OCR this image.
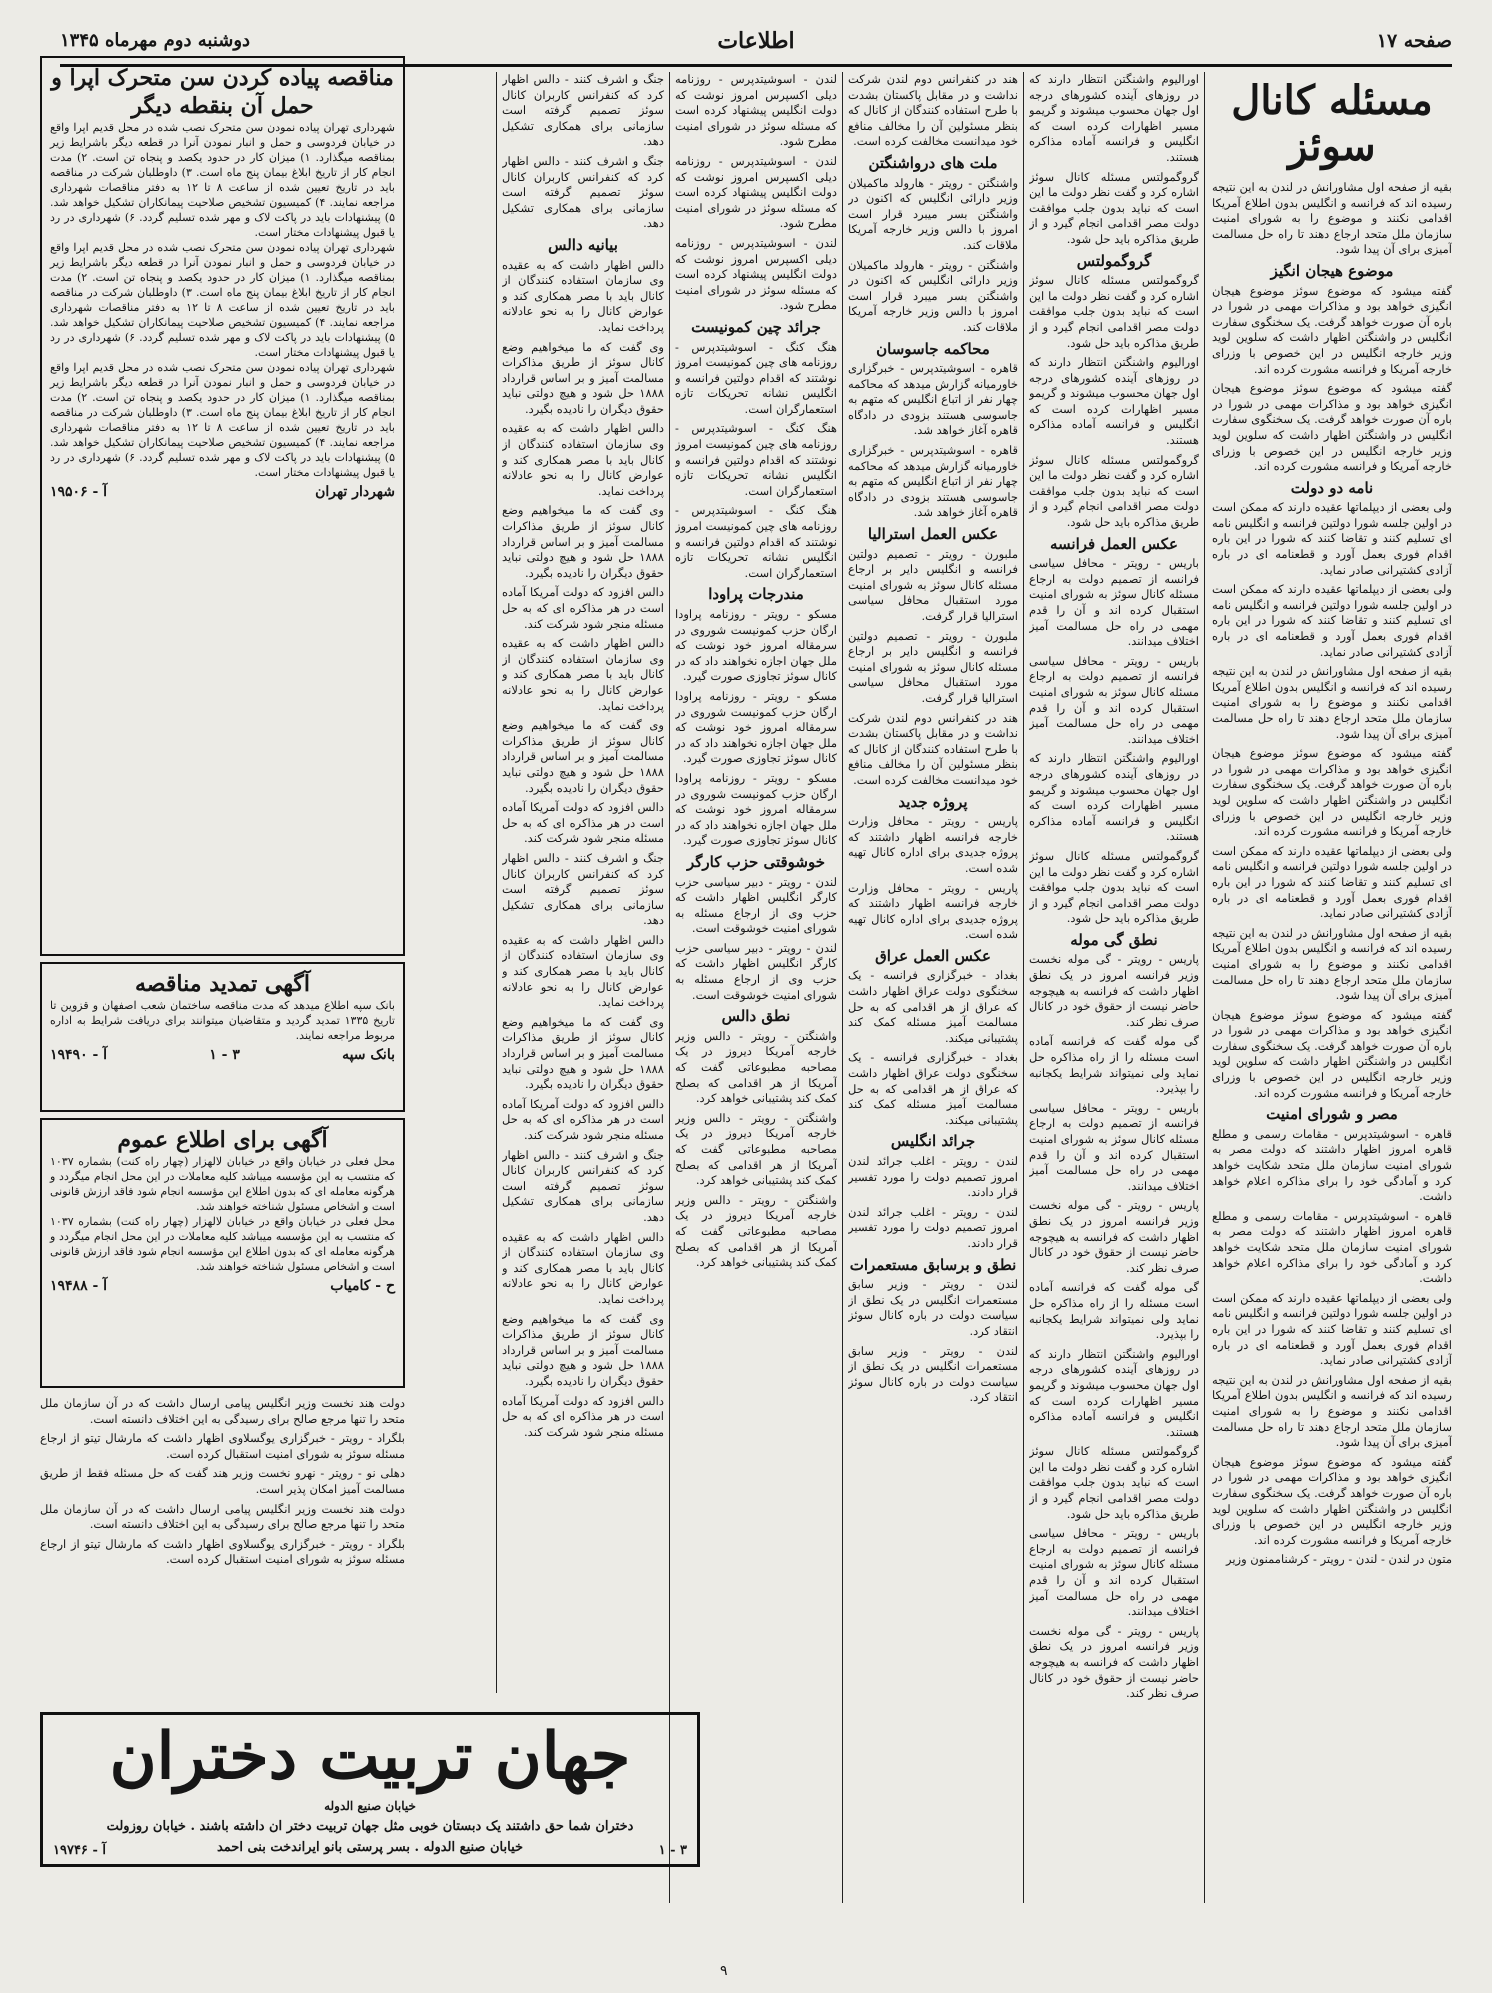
صفحه ۱۷
اطلاعات
دوشنبه دوم مهرماه ۱۳۴۵
مسئله کانال سوئز

بقیه از صفحه اول مشاورانش در لندن به این نتیجه رسیده اند که فرانسه و انگلیس بدون اطلاع آمریکا اقدامی نکنند و موضوع را به شورای امنیت سازمان ملل متحد ارجاع دهند تا راه حل مسالمت آمیزی برای آن پیدا شود.

موضوع هیجان انگیز

گفته میشود که موضوع سوئز موضوع هیجان انگیزی خواهد بود و مذاکرات مهمی در شورا در باره آن صورت خواهد گرفت. یک سخنگوی سفارت انگلیس در واشنگتن اظهار داشت که سلوین لوید وزیر خارجه انگلیس در این خصوص با وزرای خارجه آمریکا و فرانسه مشورت کرده اند.

گفته میشود که موضوع سوئز موضوع هیجان انگیزی خواهد بود و مذاکرات مهمی در شورا در باره آن صورت خواهد گرفت. یک سخنگوی سفارت انگلیس در واشنگتن اظهار داشت که سلوین لوید وزیر خارجه انگلیس در این خصوص با وزرای خارجه آمریکا و فرانسه مشورت کرده اند.

نامه دو دولت

ولی بعضی از دیپلماتها عقیده دارند که ممکن است در اولین جلسه شورا دولتین فرانسه و انگلیس نامه ای تسلیم کنند و تقاضا کنند که شورا در این باره اقدام فوری بعمل آورد و قطعنامه ای در باره آزادی کشتیرانی صادر نماید.

ولی بعضی از دیپلماتها عقیده دارند که ممکن است در اولین جلسه شورا دولتین فرانسه و انگلیس نامه ای تسلیم کنند و تقاضا کنند که شورا در این باره اقدام فوری بعمل آورد و قطعنامه ای در باره آزادی کشتیرانی صادر نماید.

بقیه از صفحه اول مشاورانش در لندن به این نتیجه رسیده اند که فرانسه و انگلیس بدون اطلاع آمریکا اقدامی نکنند و موضوع را به شورای امنیت سازمان ملل متحد ارجاع دهند تا راه حل مسالمت آمیزی برای آن پیدا شود.

گفته میشود که موضوع سوئز موضوع هیجان انگیزی خواهد بود و مذاکرات مهمی در شورا در باره آن صورت خواهد گرفت. یک سخنگوی سفارت انگلیس در واشنگتن اظهار داشت که سلوین لوید وزیر خارجه انگلیس در این خصوص با وزرای خارجه آمریکا و فرانسه مشورت کرده اند.

ولی بعضی از دیپلماتها عقیده دارند که ممکن است در اولین جلسه شورا دولتین فرانسه و انگلیس نامه ای تسلیم کنند و تقاضا کنند که شورا در این باره اقدام فوری بعمل آورد و قطعنامه ای در باره آزادی کشتیرانی صادر نماید.

بقیه از صفحه اول مشاورانش در لندن به این نتیجه رسیده اند که فرانسه و انگلیس بدون اطلاع آمریکا اقدامی نکنند و موضوع را به شورای امنیت سازمان ملل متحد ارجاع دهند تا راه حل مسالمت آمیزی برای آن پیدا شود.

گفته میشود که موضوع سوئز موضوع هیجان انگیزی خواهد بود و مذاکرات مهمی در شورا در باره آن صورت خواهد گرفت. یک سخنگوی سفارت انگلیس در واشنگتن اظهار داشت که سلوین لوید وزیر خارجه انگلیس در این خصوص با وزرای خارجه آمریکا و فرانسه مشورت کرده اند.

مصر و شورای امنیت

قاهره - اسوشیتدپرس - مقامات رسمی و مطلع قاهره امروز اظهار داشتند که دولت مصر به شورای امنیت سازمان ملل متحد شکایت خواهد کرد و آمادگی خود را برای مذاکره اعلام خواهد داشت.

قاهره - اسوشیتدپرس - مقامات رسمی و مطلع قاهره امروز اظهار داشتند که دولت مصر به شورای امنیت سازمان ملل متحد شکایت خواهد کرد و آمادگی خود را برای مذاکره اعلام خواهد داشت.

ولی بعضی از دیپلماتها عقیده دارند که ممکن است در اولین جلسه شورا دولتین فرانسه و انگلیس نامه ای تسلیم کنند و تقاضا کنند که شورا در این باره اقدام فوری بعمل آورد و قطعنامه ای در باره آزادی کشتیرانی صادر نماید.

بقیه از صفحه اول مشاورانش در لندن به این نتیجه رسیده اند که فرانسه و انگلیس بدون اطلاع آمریکا اقدامی نکنند و موضوع را به شورای امنیت سازمان ملل متحد ارجاع دهند تا راه حل مسالمت آمیزی برای آن پیدا شود.

گفته میشود که موضوع سوئز موضوع هیجان انگیزی خواهد بود و مذاکرات مهمی در شورا در باره آن صورت خواهد گرفت. یک سخنگوی سفارت انگلیس در واشنگتن اظهار داشت که سلوین لوید وزیر خارجه انگلیس در این خصوص با وزرای خارجه آمریکا و فرانسه مشورت کرده اند.

متون در لندن - لندن - رویتر - کرشناممنون وزیر

اورالیوم واشنگتن انتظار دارند که در روزهای آینده کشورهای درجه اول جهان محسوب میشوند و گریمو مسیر اظهارات کرده است که انگلیس و فرانسه آماده مذاکره هستند.

گروگمولتس مسئله کانال سوئز اشاره کرد و گفت نظر دولت ما این است که نباید بدون جلب موافقت دولت مصر اقدامی انجام گیرد و از طریق مذاکره باید حل شود.

گروگمولتس

گروگمولتس مسئله کانال سوئز اشاره کرد و گفت نظر دولت ما این است که نباید بدون جلب موافقت دولت مصر اقدامی انجام گیرد و از طریق مذاکره باید حل شود.

اورالیوم واشنگتن انتظار دارند که در روزهای آینده کشورهای درجه اول جهان محسوب میشوند و گریمو مسیر اظهارات کرده است که انگلیس و فرانسه آماده مذاکره هستند.

گروگمولتس مسئله کانال سوئز اشاره کرد و گفت نظر دولت ما این است که نباید بدون جلب موافقت دولت مصر اقدامی انجام گیرد و از طریق مذاکره باید حل شود.

عکس العمل فرانسه

باریس - رویتر - محافل سیاسی فرانسه از تصمیم دولت به ارجاع مسئله کانال سوئز به شورای امنیت استقبال کرده اند و آن را قدم مهمی در راه حل مسالمت آمیز اختلاف میدانند.

باریس - رویتر - محافل سیاسی فرانسه از تصمیم دولت به ارجاع مسئله کانال سوئز به شورای امنیت استقبال کرده اند و آن را قدم مهمی در راه حل مسالمت آمیز اختلاف میدانند.

اورالیوم واشنگتن انتظار دارند که در روزهای آینده کشورهای درجه اول جهان محسوب میشوند و گریمو مسیر اظهارات کرده است که انگلیس و فرانسه آماده مذاکره هستند.

گروگمولتس مسئله کانال سوئز اشاره کرد و گفت نظر دولت ما این است که نباید بدون جلب موافقت دولت مصر اقدامی انجام گیرد و از طریق مذاکره باید حل شود.

نطق گی موله

پاریس - رویتر - گی موله نخست وزیر فرانسه امروز در یک نطق اظهار داشت که فرانسه به هیچوجه حاضر نیست از حقوق خود در کانال صرف نظر کند.

گی موله گفت که فرانسه آماده است مسئله را از راه مذاکره حل نماید ولی نمیتواند شرایط یکجانبه را بپذیرد.

باریس - رویتر - محافل سیاسی فرانسه از تصمیم دولت به ارجاع مسئله کانال سوئز به شورای امنیت استقبال کرده اند و آن را قدم مهمی در راه حل مسالمت آمیز اختلاف میدانند.

پاریس - رویتر - گی موله نخست وزیر فرانسه امروز در یک نطق اظهار داشت که فرانسه به هیچوجه حاضر نیست از حقوق خود در کانال صرف نظر کند.

گی موله گفت که فرانسه آماده است مسئله را از راه مذاکره حل نماید ولی نمیتواند شرایط یکجانبه را بپذیرد.

اورالیوم واشنگتن انتظار دارند که در روزهای آینده کشورهای درجه اول جهان محسوب میشوند و گریمو مسیر اظهارات کرده است که انگلیس و فرانسه آماده مذاکره هستند.

گروگمولتس مسئله کانال سوئز اشاره کرد و گفت نظر دولت ما این است که نباید بدون جلب موافقت دولت مصر اقدامی انجام گیرد و از طریق مذاکره باید حل شود.

باریس - رویتر - محافل سیاسی فرانسه از تصمیم دولت به ارجاع مسئله کانال سوئز به شورای امنیت استقبال کرده اند و آن را قدم مهمی در راه حل مسالمت آمیز اختلاف میدانند.

پاریس - رویتر - گی موله نخست وزیر فرانسه امروز در یک نطق اظهار داشت که فرانسه به هیچوجه حاضر نیست از حقوق خود در کانال صرف نظر کند.

هند در کنفرانس دوم لندن شرکت نداشت و در مقابل پاکستان بشدت با طرح استفاده کنندگان از کانال که بنظر مسئولین آن را مخالف منافع خود میدانست مخالفت کرده است.

ملت های درواشنگتن

واشنگتن - رویتر - هارولد ماکمیلان وزیر دارائی انگلیس که اکنون در واشنگتن بسر میبرد قرار است امروز با دالس وزیر خارجه آمریکا ملاقات کند.

واشنگتن - رویتر - هارولد ماکمیلان وزیر دارائی انگلیس که اکنون در واشنگتن بسر میبرد قرار است امروز با دالس وزیر خارجه آمریکا ملاقات کند.

محاکمه جاسوسان

قاهره - اسوشیتدپرس - خبرگزاری خاورمیانه گزارش میدهد که محاکمه چهار نفر از اتباع انگلیس که متهم به جاسوسی هستند بزودی در دادگاه قاهره آغاز خواهد شد.

قاهره - اسوشیتدپرس - خبرگزاری خاورمیانه گزارش میدهد که محاکمه چهار نفر از اتباع انگلیس که متهم به جاسوسی هستند بزودی در دادگاه قاهره آغاز خواهد شد.

عکس العمل استرالیا

ملبورن - رویتر - تصمیم دولتین فرانسه و انگلیس دایر بر ارجاع مسئله کانال سوئز به شورای امنیت مورد استقبال محافل سیاسی استرالیا قرار گرفت.

ملبورن - رویتر - تصمیم دولتین فرانسه و انگلیس دایر بر ارجاع مسئله کانال سوئز به شورای امنیت مورد استقبال محافل سیاسی استرالیا قرار گرفت.

هند در کنفرانس دوم لندن شرکت نداشت و در مقابل پاکستان بشدت با طرح استفاده کنندگان از کانال که بنظر مسئولین آن را مخالف منافع خود میدانست مخالفت کرده است.

پروژه جدید

پاریس - رویتر - محافل وزارت خارجه فرانسه اظهار داشتند که پروژه جدیدی برای اداره کانال تهیه شده است.

پاریس - رویتر - محافل وزارت خارجه فرانسه اظهار داشتند که پروژه جدیدی برای اداره کانال تهیه شده است.

عکس العمل عراق

بغداد - خبرگزاری فرانسه - یک سخنگوی دولت عراق اظهار داشت که عراق از هر اقدامی که به حل مسالمت آمیز مسئله کمک کند پشتیبانی میکند.

بغداد - خبرگزاری فرانسه - یک سخنگوی دولت عراق اظهار داشت که عراق از هر اقدامی که به حل مسالمت آمیز مسئله کمک کند پشتیبانی میکند.

جرائد انگلیس

لندن - رویتر - اغلب جرائد لندن امروز تصمیم دولت را مورد تفسیر قرار دادند.

لندن - رویتر - اغلب جرائد لندن امروز تصمیم دولت را مورد تفسیر قرار دادند.

نطق و برسابق مستعمرات

لندن - رویتر - وزیر سابق مستعمرات انگلیس در یک نطق از سیاست دولت در باره کانال سوئز انتقاد کرد.

لندن - رویتر - وزیر سابق مستعمرات انگلیس در یک نطق از سیاست دولت در باره کانال سوئز انتقاد کرد.

لندن - اسوشیتدپرس - روزنامه دیلی اکسپرس امروز نوشت که دولت انگلیس پیشنهاد کرده است که مسئله سوئز در شورای امنیت مطرح شود.

لندن - اسوشیتدپرس - روزنامه دیلی اکسپرس امروز نوشت که دولت انگلیس پیشنهاد کرده است که مسئله سوئز در شورای امنیت مطرح شود.

لندن - اسوشیتدپرس - روزنامه دیلی اکسپرس امروز نوشت که دولت انگلیس پیشنهاد کرده است که مسئله سوئز در شورای امنیت مطرح شود.

جرائد چین کمونیست

هنگ کنگ - اسوشیتدپرس - روزنامه های چین کمونیست امروز نوشتند که اقدام دولتین فرانسه و انگلیس نشانه تحریکات تازه استعمارگران است.

هنگ کنگ - اسوشیتدپرس - روزنامه های چین کمونیست امروز نوشتند که اقدام دولتین فرانسه و انگلیس نشانه تحریکات تازه استعمارگران است.

هنگ کنگ - اسوشیتدپرس - روزنامه های چین کمونیست امروز نوشتند که اقدام دولتین فرانسه و انگلیس نشانه تحریکات تازه استعمارگران است.

مندرجات پراودا

مسکو - رویتر - روزنامه پراودا ارگان حزب کمونیست شوروی در سرمقاله امروز خود نوشت که ملل جهان اجازه نخواهند داد که در کانال سوئز تجاوزی صورت گیرد.

مسکو - رویتر - روزنامه پراودا ارگان حزب کمونیست شوروی در سرمقاله امروز خود نوشت که ملل جهان اجازه نخواهند داد که در کانال سوئز تجاوزی صورت گیرد.

مسکو - رویتر - روزنامه پراودا ارگان حزب کمونیست شوروی در سرمقاله امروز خود نوشت که ملل جهان اجازه نخواهند داد که در کانال سوئز تجاوزی صورت گیرد.

خوشوقتی حزب کارگر

لندن - رویتر - دبیر سیاسی حزب کارگر انگلیس اظهار داشت که حزب وی از ارجاع مسئله به شورای امنیت خوشوقت است.

لندن - رویتر - دبیر سیاسی حزب کارگر انگلیس اظهار داشت که حزب وی از ارجاع مسئله به شورای امنیت خوشوقت است.

نطق دالس

واشنگتن - رویتر - دالس وزیر خارجه آمریکا دیروز در یک مصاحبه مطبوعاتی گفت که آمریکا از هر اقدامی که بصلح کمک کند پشتیبانی خواهد کرد.

واشنگتن - رویتر - دالس وزیر خارجه آمریکا دیروز در یک مصاحبه مطبوعاتی گفت که آمریکا از هر اقدامی که بصلح کمک کند پشتیبانی خواهد کرد.

واشنگتن - رویتر - دالس وزیر خارجه آمریکا دیروز در یک مصاحبه مطبوعاتی گفت که آمریکا از هر اقدامی که بصلح کمک کند پشتیبانی خواهد کرد.

جنگ و اشرف کنند - دالس اظهار کرد که کنفرانس کاربران کانال سوئز تصمیم گرفته است سازمانی برای همکاری تشکیل دهد.

جنگ و اشرف کنند - دالس اظهار کرد که کنفرانس کاربران کانال سوئز تصمیم گرفته است سازمانی برای همکاری تشکیل دهد.

بیانیه دالس

دالس اظهار داشت که به عقیده وی سازمان استفاده کنندگان از کانال باید با مصر همکاری کند و عوارض کانال را به نحو عادلانه پرداخت نماید.

وی گفت که ما میخواهیم وضع کانال سوئز از طریق مذاکرات مسالمت آمیز و بر اساس قرارداد ۱۸۸۸ حل شود و هیچ دولتی نباید حقوق دیگران را نادیده بگیرد.

دالس اظهار داشت که به عقیده وی سازمان استفاده کنندگان از کانال باید با مصر همکاری کند و عوارض کانال را به نحو عادلانه پرداخت نماید.

وی گفت که ما میخواهیم وضع کانال سوئز از طریق مذاکرات مسالمت آمیز و بر اساس قرارداد ۱۸۸۸ حل شود و هیچ دولتی نباید حقوق دیگران را نادیده بگیرد.

دالس افزود که دولت آمریکا آماده است در هر مذاکره ای که به حل مسئله منجر شود شرکت کند.

دالس اظهار داشت که به عقیده وی سازمان استفاده کنندگان از کانال باید با مصر همکاری کند و عوارض کانال را به نحو عادلانه پرداخت نماید.

وی گفت که ما میخواهیم وضع کانال سوئز از طریق مذاکرات مسالمت آمیز و بر اساس قرارداد ۱۸۸۸ حل شود و هیچ دولتی نباید حقوق دیگران را نادیده بگیرد.

دالس افزود که دولت آمریکا آماده است در هر مذاکره ای که به حل مسئله منجر شود شرکت کند.

جنگ و اشرف کنند - دالس اظهار کرد که کنفرانس کاربران کانال سوئز تصمیم گرفته است سازمانی برای همکاری تشکیل دهد.

دالس اظهار داشت که به عقیده وی سازمان استفاده کنندگان از کانال باید با مصر همکاری کند و عوارض کانال را به نحو عادلانه پرداخت نماید.

وی گفت که ما میخواهیم وضع کانال سوئز از طریق مذاکرات مسالمت آمیز و بر اساس قرارداد ۱۸۸۸ حل شود و هیچ دولتی نباید حقوق دیگران را نادیده بگیرد.

دالس افزود که دولت آمریکا آماده است در هر مذاکره ای که به حل مسئله منجر شود شرکت کند.

جنگ و اشرف کنند - دالس اظهار کرد که کنفرانس کاربران کانال سوئز تصمیم گرفته است سازمانی برای همکاری تشکیل دهد.

دالس اظهار داشت که به عقیده وی سازمان استفاده کنندگان از کانال باید با مصر همکاری کند و عوارض کانال را به نحو عادلانه پرداخت نماید.

وی گفت که ما میخواهیم وضع کانال سوئز از طریق مذاکرات مسالمت آمیز و بر اساس قرارداد ۱۸۸۸ حل شود و هیچ دولتی نباید حقوق دیگران را نادیده بگیرد.

دالس افزود که دولت آمریکا آماده است در هر مذاکره ای که به حل مسئله منجر شود شرکت کند.

مناقصه پیاده کردن سن متحرک اپرا و حمل آن بنقطه دیگر
شهرداری تهران پیاده نمودن سن متحرک نصب شده در محل قدیم اپرا واقع در خیابان فردوسی و حمل و انبار نمودن آنرا در قطعه دیگر باشرایط زیر بمناقصه میگذارد. ۱) میزان کار در حدود یکصد و پنجاه تن است. ۲) مدت انجام کار از تاریخ ابلاغ بیمان پنج ماه است. ۳) داوطلبان شرکت در مناقصه باید در تاریخ تعیین شده از ساعت ۸ تا ۱۲ به دفتر مناقصات شهرداری مراجعه نمایند. ۴) کمیسیون تشخیص صلاحیت پیمانکاران تشکیل خواهد شد. ۵) پیشنهادات باید در پاکت لاک و مهر شده تسلیم گردد. ۶) شهرداری در رد یا قبول پیشنهادات مختار است.
شهرداری تهران پیاده نمودن سن متحرک نصب شده در محل قدیم اپرا واقع در خیابان فردوسی و حمل و انبار نمودن آنرا در قطعه دیگر باشرایط زیر بمناقصه میگذارد. ۱) میزان کار در حدود یکصد و پنجاه تن است. ۲) مدت انجام کار از تاریخ ابلاغ بیمان پنج ماه است. ۳) داوطلبان شرکت در مناقصه باید در تاریخ تعیین شده از ساعت ۸ تا ۱۲ به دفتر مناقصات شهرداری مراجعه نمایند. ۴) کمیسیون تشخیص صلاحیت پیمانکاران تشکیل خواهد شد. ۵) پیشنهادات باید در پاکت لاک و مهر شده تسلیم گردد. ۶) شهرداری در رد یا قبول پیشنهادات مختار است.
شهرداری تهران پیاده نمودن سن متحرک نصب شده در محل قدیم اپرا واقع در خیابان فردوسی و حمل و انبار نمودن آنرا در قطعه دیگر باشرایط زیر بمناقصه میگذارد. ۱) میزان کار در حدود یکصد و پنجاه تن است. ۲) مدت انجام کار از تاریخ ابلاغ بیمان پنج ماه است. ۳) داوطلبان شرکت در مناقصه باید در تاریخ تعیین شده از ساعت ۸ تا ۱۲ به دفتر مناقصات شهرداری مراجعه نمایند. ۴) کمیسیون تشخیص صلاحیت پیمانکاران تشکیل خواهد شد. ۵) پیشنهادات باید در پاکت لاک و مهر شده تسلیم گردد. ۶) شهرداری در رد یا قبول پیشنهادات مختار است.
شهردار تهران
آ - ۱۹۵۰۶
آگهی تمدید مناقصه
بانک سپه اطلاع میدهد که مدت مناقصه ساختمان شعب اصفهان و قزوین تا تاریخ ۱۳۳۵ تمدید گردید و متقاضیان میتوانند برای دریافت شرایط به اداره مربوط مراجعه نمایند.
بانک سپه
۳ - ۱
آ - ۱۹۴۹۰
آگهی برای اطلاع عموم
محل فعلی در خیابان واقع در خیابان لالهزار (چهار راه کنت) بشماره ۱۰۳۷ که منتسب به این مؤسسه میباشد کلیه معاملات در این محل انجام میگردد و هرگونه معامله ای که بدون اطلاع این مؤسسه انجام شود فاقد ارزش قانونی است و اشخاص مسئول شناخته خواهند شد.
محل فعلی در خیابان واقع در خیابان لالهزار (چهار راه کنت) بشماره ۱۰۳۷ که منتسب به این مؤسسه میباشد کلیه معاملات در این محل انجام میگردد و هرگونه معامله ای که بدون اطلاع این مؤسسه انجام شود فاقد ارزش قانونی است و اشخاص مسئول شناخته خواهند شد.
ح - کامیاب
آ - ۱۹۴۸۸

دولت هند نخست وزیر انگلیس پیامی ارسال داشت که در آن سازمان ملل متحد را تنها مرجع صالح برای رسیدگی به این اختلاف دانسته است.

بلگراد - رویتر - خبرگزاری یوگسلاوی اظهار داشت که مارشال تیتو از ارجاع مسئله سوئز به شورای امنیت استقبال کرده است.

دهلی نو - رویتر - نهرو نخست وزیر هند گفت که حل مسئله فقط از طریق مسالمت آمیز امکان پذیر است.

دولت هند نخست وزیر انگلیس پیامی ارسال داشت که در آن سازمان ملل متحد را تنها مرجع صالح برای رسیدگی به این اختلاف دانسته است.

بلگراد - رویتر - خبرگزاری یوگسلاوی اظهار داشت که مارشال تیتو از ارجاع مسئله سوئز به شورای امنیت استقبال کرده است.

جهان تربیت دختران
خیابان صنیع الدوله
دختران شما حق داشتند یک دبستان خوبی مثل جهان تربیت دختر ان داشته باشند . خیابان روزولت
خیابان صنیع الدوله . بسر پرستی بانو ایراندخت بنی احمد	۳ - ۱
آ - ۱۹۷۴۶
۹
